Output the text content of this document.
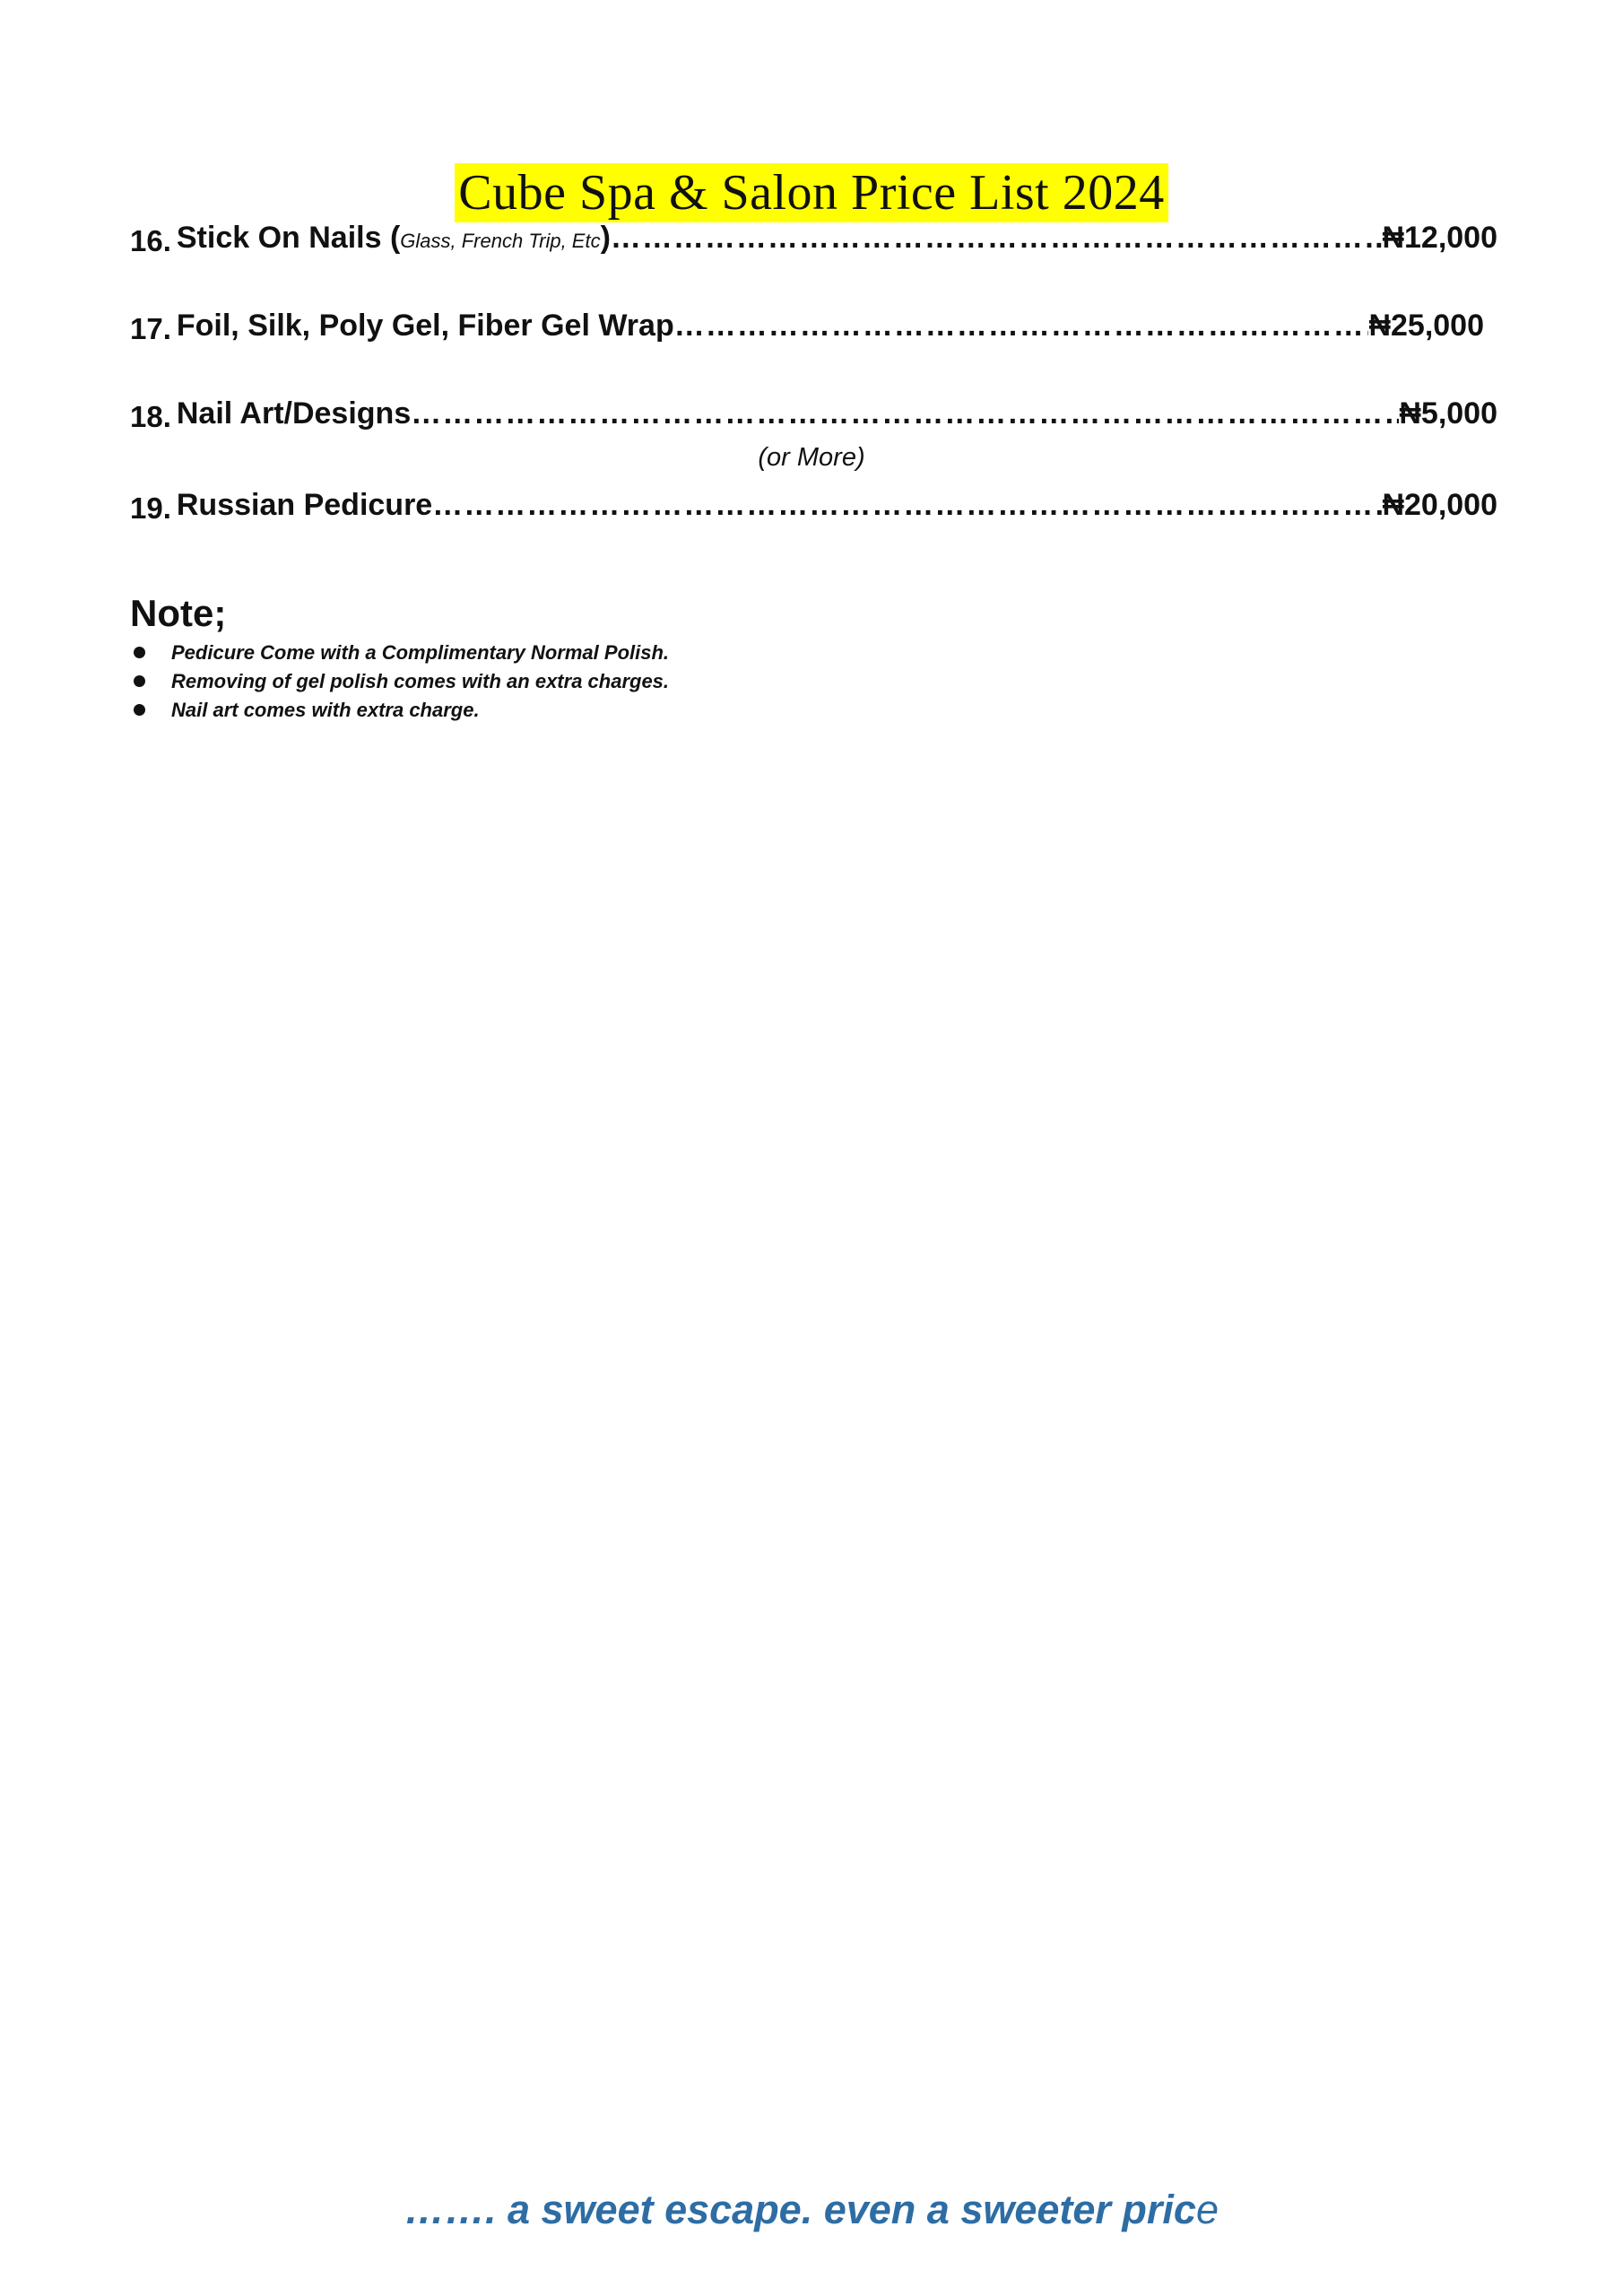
Cube Spa & Salon Price List 2024
16. Stick On Nails (Glass, French Trip, Etc) ……………………………………………………………………………………………………………………………………………………………………………………………………………………………………………………………	₦12,000
17. Foil, Silk, Poly Gel, Fiber Gel Wrap ……………………………………………………………………………………………………………………………………………………………………………………………………………………………………………………………	₦25,000
18. Nail Art/Designs ……………………………………………………………………………………………………………………………………………………………………………………………………………………………………………………………	₦5,000
(or More)
19. Russian Pedicure ……………………………………………………………………………………………………………………………………………………………………………………………………………………………………………………………	₦20,000
Note;
Pedicure Come with a Complimentary Normal Polish.
Removing of gel polish comes with an extra charges.
Nail art comes with extra charge.
……. a sweet escape. even a sweeter price
